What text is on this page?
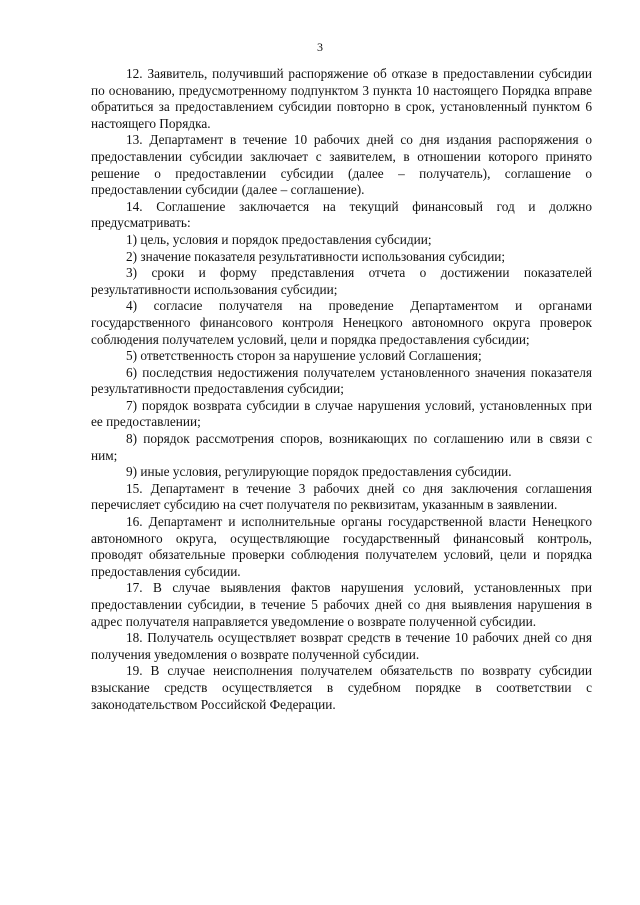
3

12. Заявитель, получивший распоряжение об отказе в предоставлении субсидии по основанию, предусмотренному подпунктом 3 пункта 10 настоящего Порядка вправе обратиться за предоставлением субсидии повторно в срок, установленный пунктом 6 настоящего Порядка.

13. Департамент в течение 10 рабочих дней со дня издания распоряжения о предоставлении субсидии заключает с заявителем, в отношении которого принято решение о предоставлении субсидии (далее – получатель), соглашение о предоставлении субсидии (далее – соглашение).

14. Соглашение заключается на текущий финансовый год и должно предусматривать:

1) цель, условия и порядок предоставления субсидии;

2) значение показателя результативности использования субсидии;

3) сроки и форму представления отчета о достижении показателей результативности использования субсидии;

4) согласие получателя на проведение Департаментом и органами государственного финансового контроля Ненецкого автономного округа проверок соблюдения получателем условий, цели и порядка предоставления субсидии;

5) ответственность сторон за нарушение условий Соглашения;

6) последствия недостижения получателем установленного значения показателя результативности предоставления субсидии;

7) порядок возврата субсидии в случае нарушения условий, установленных при ее предоставлении;

8) порядок рассмотрения споров, возникающих по соглашению или в связи с ним;

9) иные условия, регулирующие порядок предоставления субсидии.

15. Департамент в течение 3 рабочих дней со дня заключения соглашения перечисляет субсидию на счет получателя по реквизитам, указанным в заявлении.

16. Департамент и исполнительные органы государственной власти Ненецкого автономного округа, осуществляющие государственный финансовый контроль, проводят обязательные проверки соблюдения получателем условий, цели и порядка предоставления субсидии.

17. В случае выявления фактов нарушения условий, установленных при предоставлении субсидии, в течение 5 рабочих дней со дня выявления нарушения в адрес получателя направляется уведомление о возврате полученной субсидии.

18. Получатель осуществляет возврат средств в течение 10 рабочих дней со дня получения уведомления о возврате полученной субсидии.

19. В случае неисполнения получателем обязательств по возврату субсидии взыскание средств осуществляется в судебном порядке в соответствии с законодательством Российской Федерации.
